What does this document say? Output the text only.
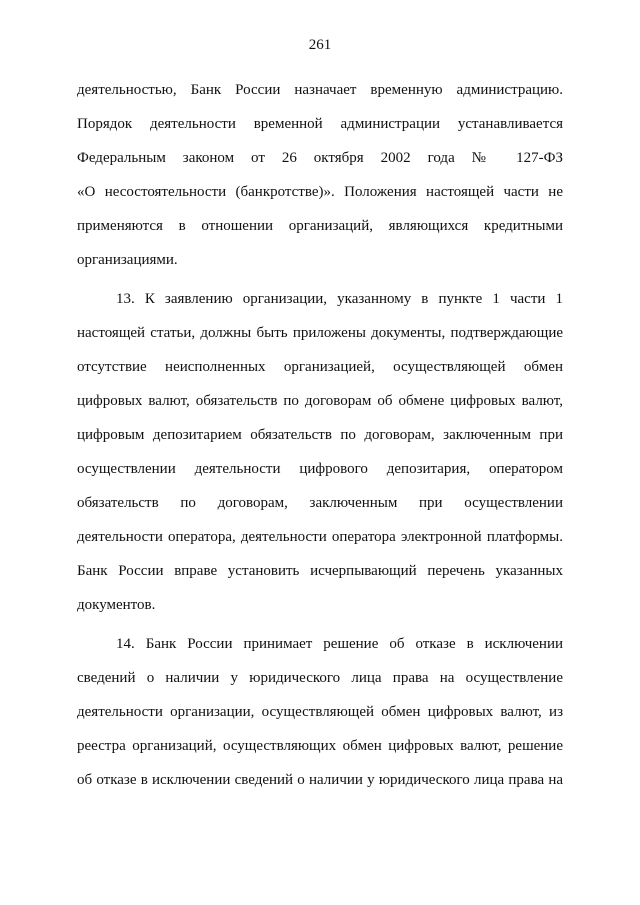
261
деятельностью, Банк России назначает временную администрацию.
Порядок деятельности временной администрации устанавливается
Федеральным законом от 26 октября 2002 года № 127-ФЗ
«О несостоятельности (банкротстве)». Положения настоящей части не
применяются в отношении организаций, являющихся кредитными
организациями.
13. К заявлению организации, указанному в пункте 1 части 1
настоящей статьи, должны быть приложены документы, подтверждающие
отсутствие неисполненных организацией, осуществляющей обмен
цифровых валют, обязательств по договорам об обмене цифровых валют,
цифровым депозитарием обязательств по договорам, заключенным при
осуществлении деятельности цифрового депозитария, оператором
обязательств по договорам, заключенным при осуществлении
деятельности оператора, деятельности оператора электронной платформы.
Банк России вправе установить исчерпывающий перечень указанных
документов.
14. Банк России принимает решение об отказе в исключении
сведений о наличии у юридического лица права на осуществление
деятельности организации, осуществляющей обмен цифровых валют, из
реестра организаций, осуществляющих обмен цифровых валют, решение
об отказе в исключении сведений о наличии у юридического лица права на
